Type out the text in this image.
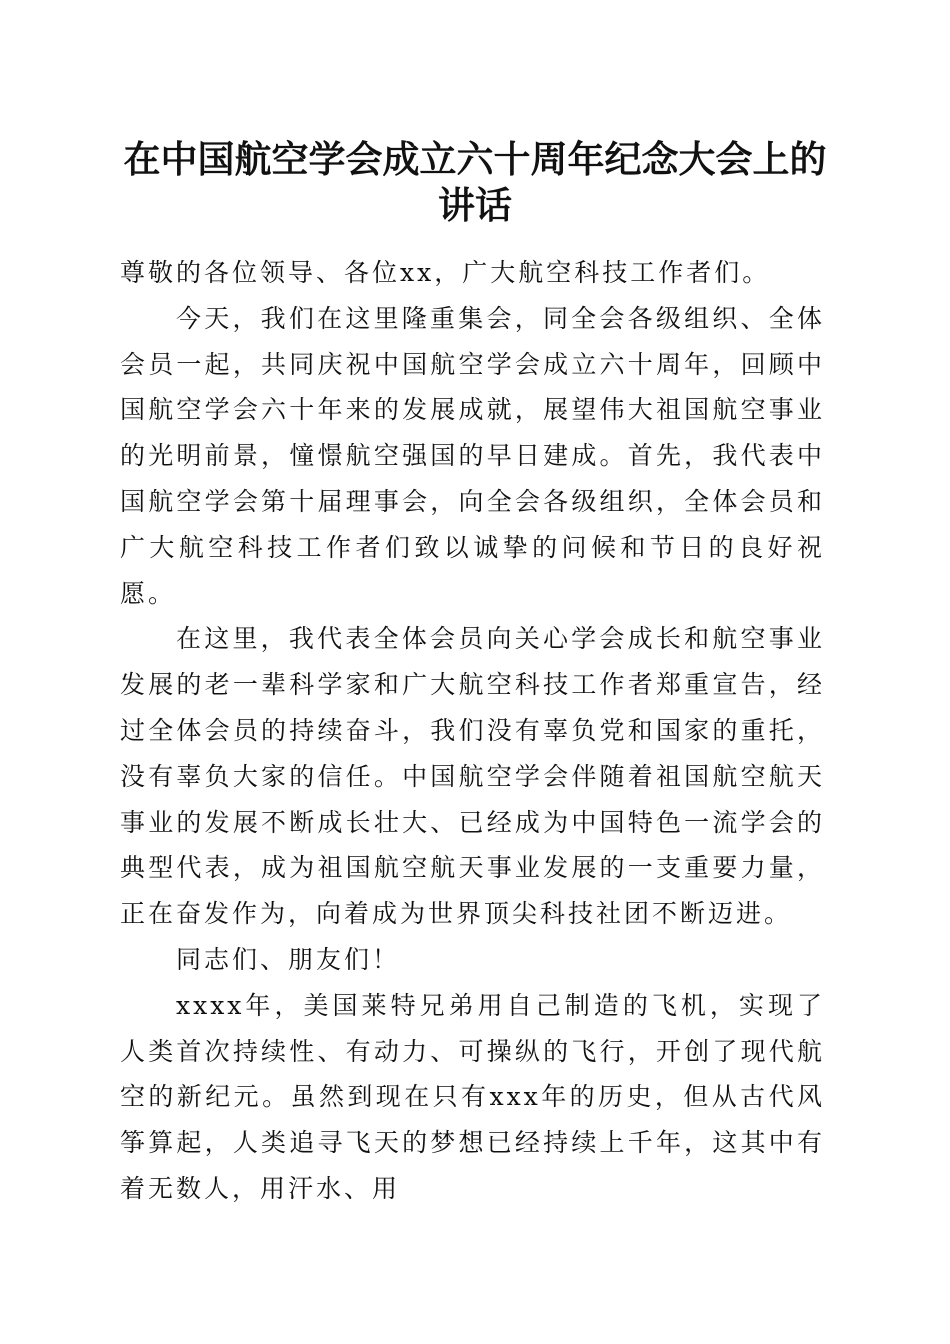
在中国航空学会成立六十周年纪念大会上的讲话

尊敬的各位领导、各位xx，广大航空科技工作者们。

今天，我们在这里隆重集会，同全会各级组织、全体会员一起，共同庆祝中国航空学会成立六十周年，回顾中国航空学会六十年来的发展成就，展望伟大祖国航空事业的光明前景，憧憬航空强国的早日建成。首先，我代表中国航空学会第十届理事会，向全会各级组织，全体会员和广大航空科技工作者们致以诚挚的问候和节日的良好祝愿。

在这里，我代表全体会员向关心学会成长和航空事业发展的老一辈科学家和广大航空科技工作者郑重宣告，经过全体会员的持续奋斗，我们没有辜负党和国家的重托，没有辜负大家的信任。中国航空学会伴随着祖国航空航天事业的发展不断成长壮大、已经成为中国特色一流学会的典型代表，成为祖国航空航天事业发展的一支重要力量，正在奋发作为，向着成为世界顶尖科技社团不断迈进。

同志们、朋友们！

xxxx年，美国莱特兄弟用自己制造的飞机，实现了人类首次持续性、有动力、可操纵的飞行，开创了现代航空的新纪元。虽然到现在只有xxx年的历史，但从古代风筝算起，人类追寻飞天的梦想已经持续上千年，这其中有着无数人，用汗水、用
